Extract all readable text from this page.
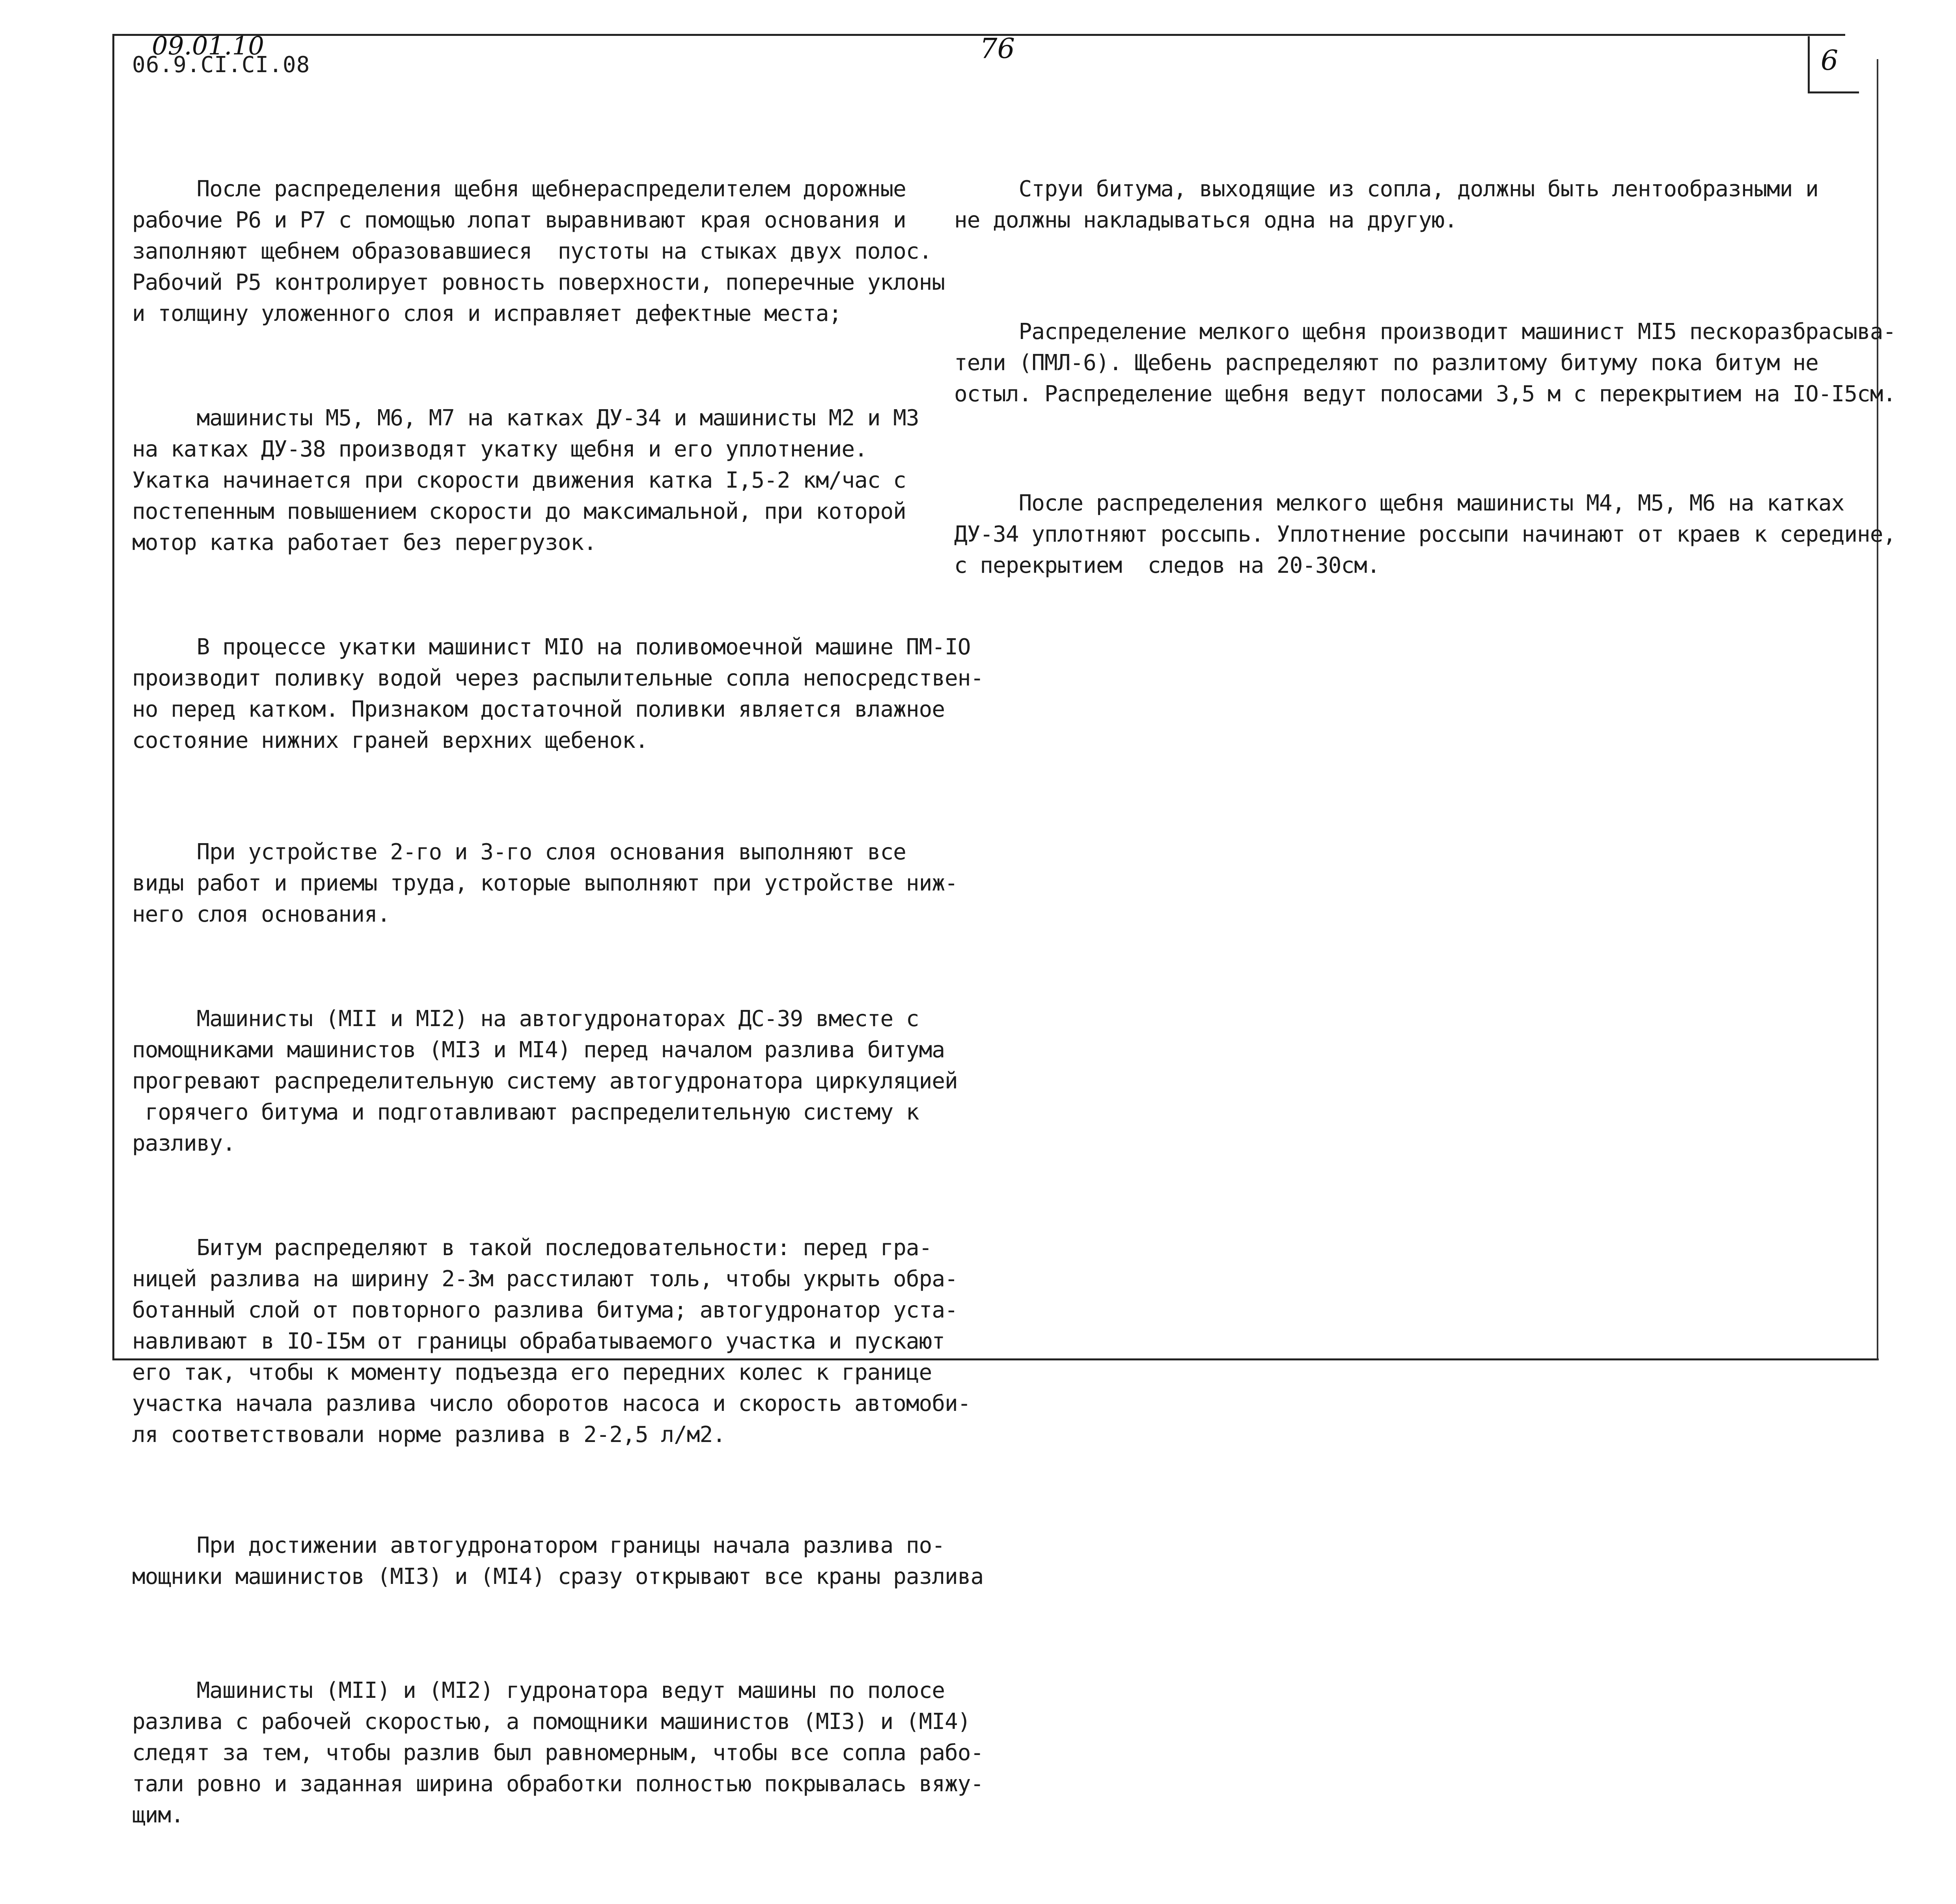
09.01.10
06.9.CI.CI.08
76	6

После распределения щебня щебнераспределителем дорожные
рабочие P6 и P7 с помощью лопат выравнивают края основания и
заполняют щебнем образовавшиеся  пустоты на стыках двух полос.
Рабочий P5 контролирует ровность поверхности, поперечные уклоны
и толщину уложенного слоя и исправляет дефектные места;

машинисты M5, M6, M7 на катках ДУ-34 и машинисты M2 и M3
на катках ДУ-38 производят укатку щебня и его уплотнение.
Укатка начинается при скорости движения катка I,5-2 км/час с
постепенным повышением скорости до максимальной, при которой
мотор катка работает без перегрузок.

В процессе укатки машинист MIO на поливомоечной машине ПМ-IO
производит поливку водой через распылительные сопла непосредствен-
но перед катком. Признаком достаточной поливки является влажное
состояние нижних граней верхних щебенок.

При устройстве 2-го и 3-го слоя основания выполняют все
виды работ и приемы труда, которые выполняют при устройстве ниж-
него слоя основания.

Машинисты (MII и MI2) на автогудронаторах ДС-39 вместе с
помощниками машинистов (MI3 и MI4) перед началом разлива битума
прогревают распределительную систему автогудронатора циркуляцией
горячего битума и подготавливают распределительную систему к
разливу.

Битум распределяют в такой последовательности: перед гра-
ницей разлива на ширину 2-3м расстилают толь, чтобы укрыть обра-
ботанный слой от повторного разлива битума; автогудронатор уста-
навливают в IO-I5м от границы обрабатываемого участка и пускают
его так, чтобы к моменту подъезда его передних колес к границе
участка начала разлива число оборотов насоса и скорость автомоби-
ля соответствовали норме разлива в 2-2,5 л/м2.

При достижении автогудронатором границы начала разлива по-
мощники машинистов (MI3) и (MI4) сразу открывают все краны разлива

Машинисты (MII) и (MI2) гудронатора ведут машины по полосе
разлива с рабочей скоростью, а помощники машинистов (MI3) и (MI4)
следят за тем, чтобы разлив был равномерным, чтобы все сопла рабо-
тали ровно и заданная ширина обработки полностью покрывалась вяжу-
щим.

Струи битума, выходящие из сопла, должны быть лентообразными и
не должны накладываться одна на другую.

Распределение мелкого щебня производит машинист MI5 пескоразбрасыва-
тели (ПМЛ-6). Щебень распределяют по разлитому битуму пока битум не
остыл. Распределение щебня ведут полосами 3,5 м с перекрытием на IO-I5см.

После распределения мелкого щебня машинисты M4, M5, M6 на катках
ДУ-34 уплотняют россыпь. Уплотнение россыпи начинают от краев к середине,
с перекрытием  следов на 20-30см.
